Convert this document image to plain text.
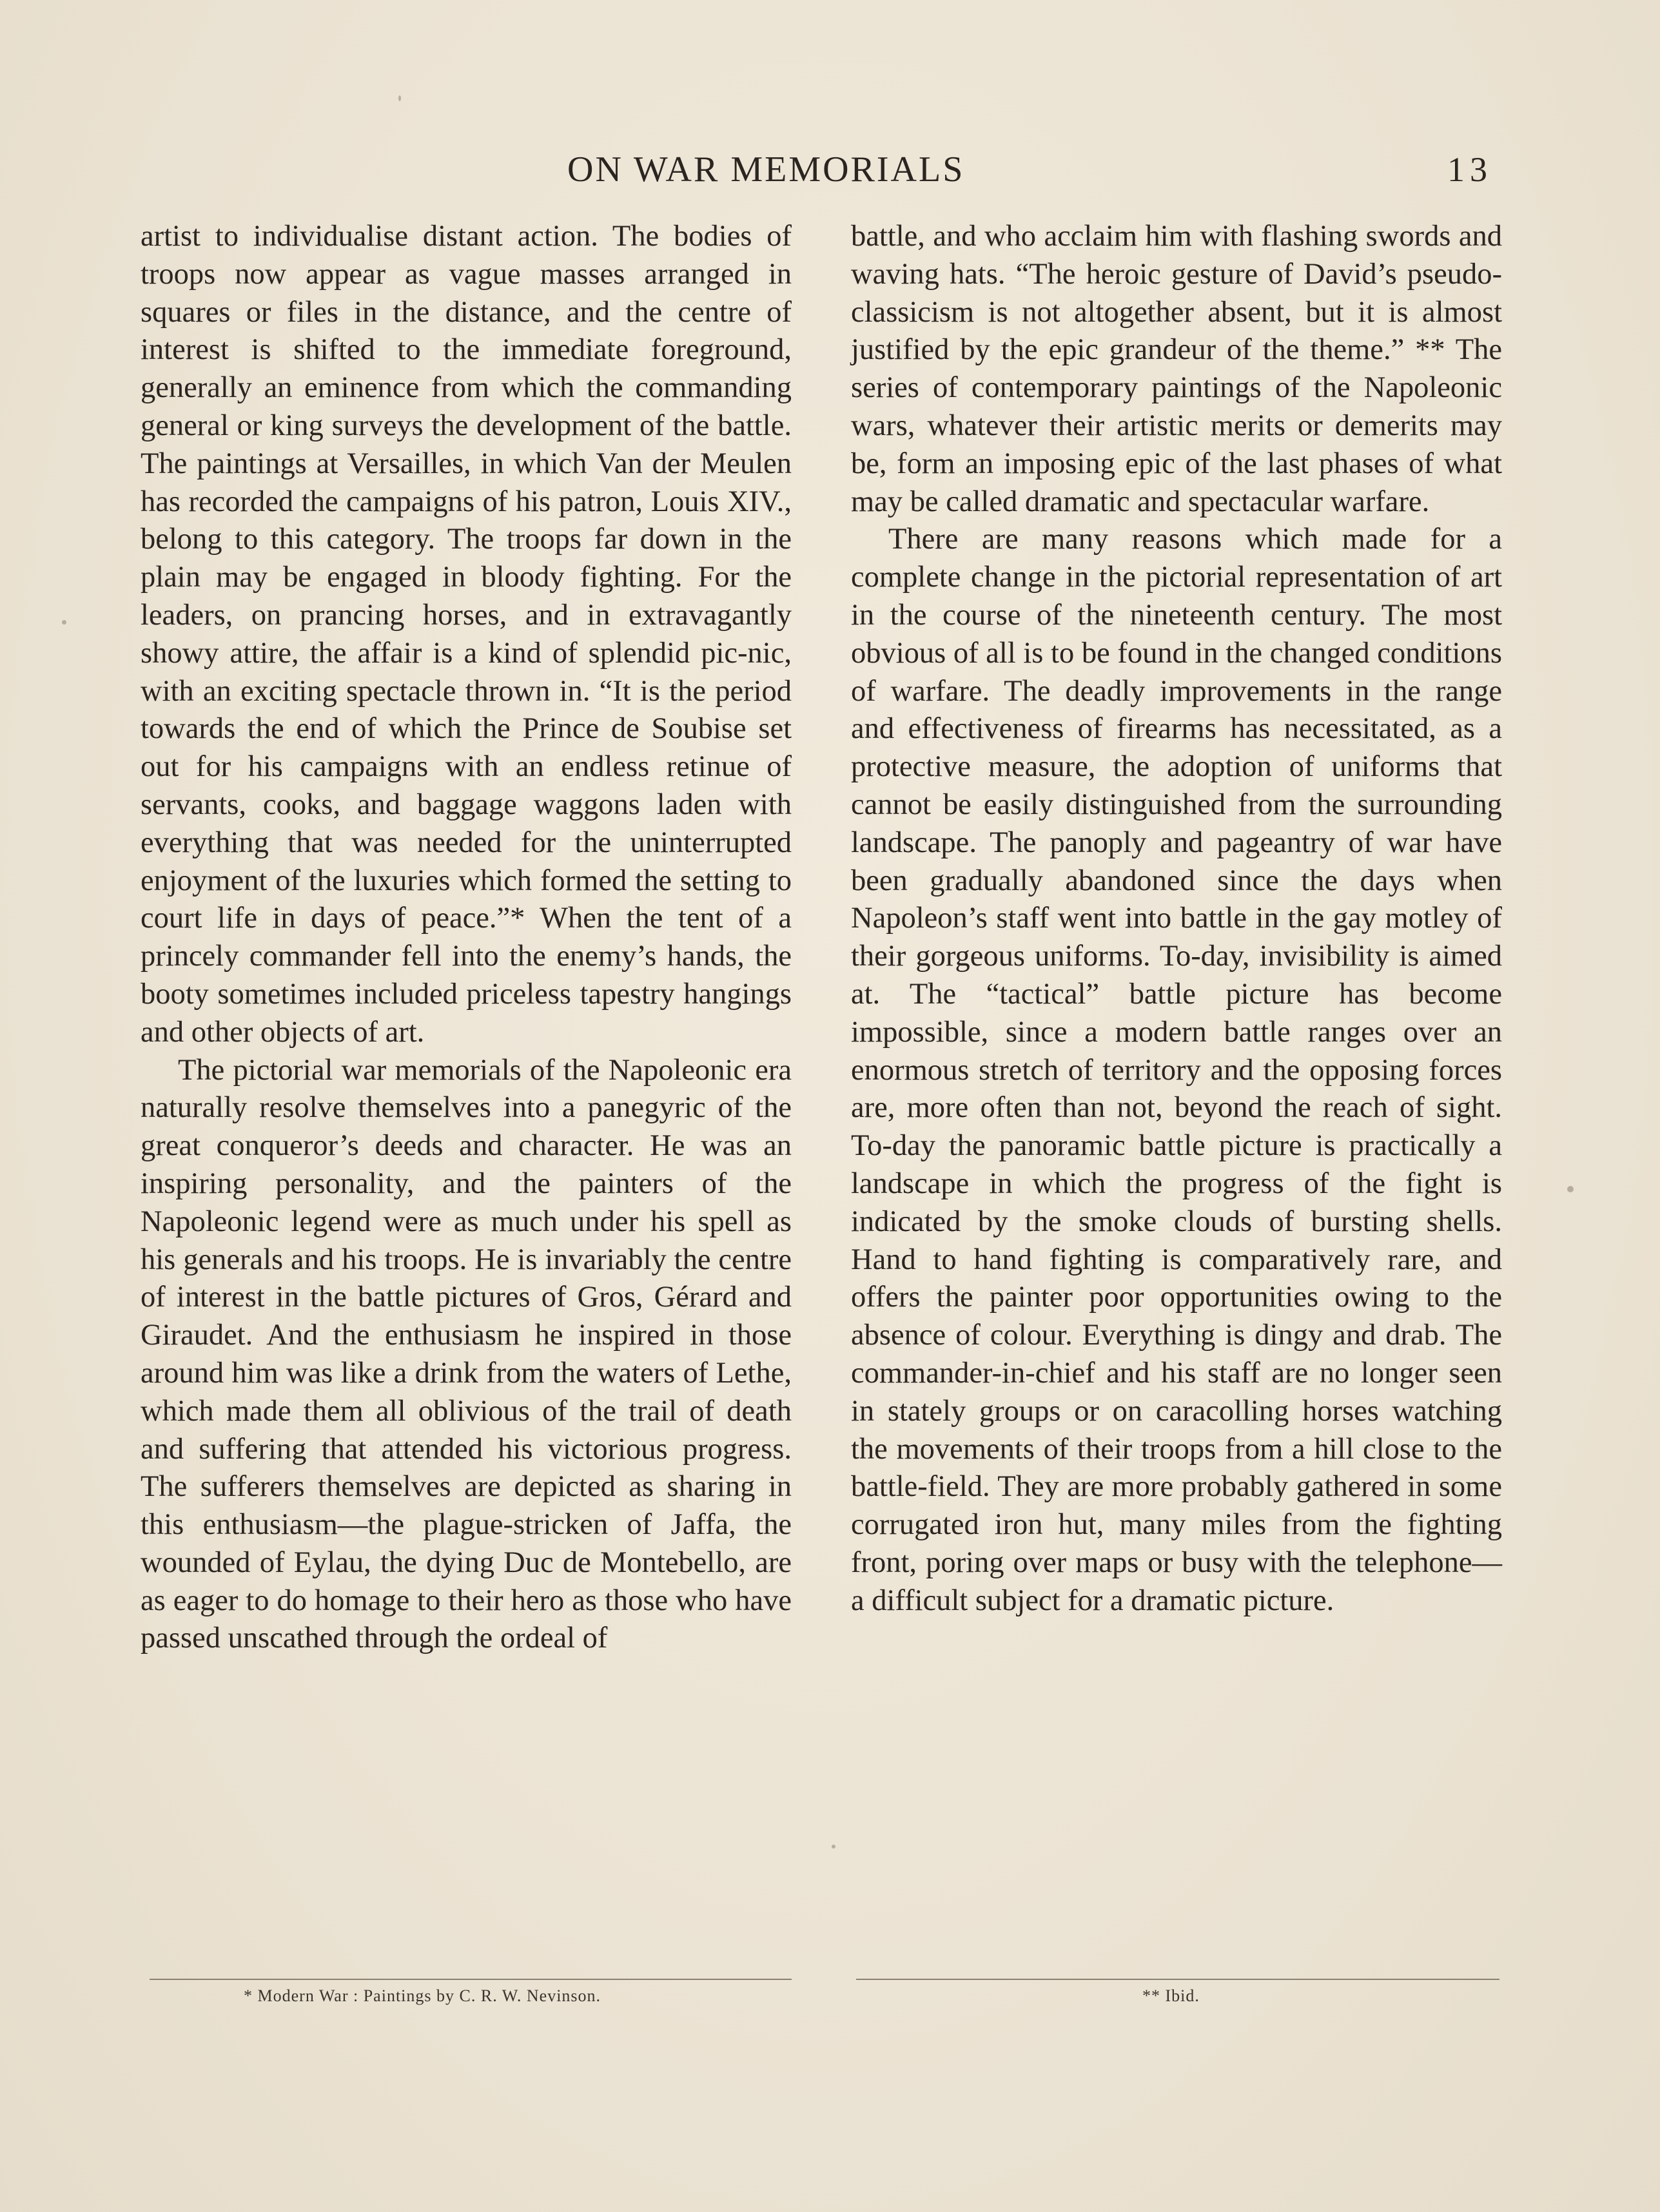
ON WAR MEMORIALS	13

artist to individualise distant action. The bodies of troops now appear as vague masses arranged in squares or files in the distance, and the centre of interest is shifted to the immediate foreground, generally an eminence from which the commanding general or king surveys the development of the battle. The paintings at Versailles, in which Van der Meulen has recorded the campaigns of his patron, Louis XIV., belong to this category. The troops far down in the plain may be engaged in bloody fighting. For the leaders, on prancing horses, and in extravagantly showy attire, the affair is a kind of splendid pic-nic, with an exciting spectacle thrown in. “It is the period towards the end of which the Prince de Soubise set out for his campaigns with an endless retinue of servants, cooks, and baggage waggons laden with everything that was needed for the uninterrupted enjoyment of the luxuries which formed the setting to court life in days of peace.”* When the tent of a princely commander fell into the enemy’s hands, the booty sometimes included priceless tapestry hangings and other objects of art.

The pictorial war memorials of the Napoleonic era naturally resolve themselves into a panegyric of the great conqueror’s deeds and character. He was an inspiring personality, and the painters of the Napoleonic legend were as much under his spell as his generals and his troops. He is invariably the centre of interest in the battle pictures of Gros, Gérard and Giraudet. And the enthusiasm he inspired in those around him was like a drink from the waters of Lethe, which made them all oblivious of the trail of death and suffering that attended his victorious progress. The sufferers themselves are depicted as sharing in this enthusiasm—the plague-stricken of Jaffa, the wounded of Eylau, the dying Duc de Montebello, are as eager to do homage to their hero as those who have passed unscathed through the ordeal of

battle, and who acclaim him with flashing swords and waving hats. “The heroic gesture of David’s pseudo-classicism is not altogether absent, but it is almost justified by the epic grandeur of the theme.” ** The series of contemporary paintings of the Napoleonic wars, whatever their artistic merits or demerits may be, form an imposing epic of the last phases of what may be called dramatic and spectacular warfare.

There are many reasons which made for a complete change in the pictorial representation of art in the course of the nineteenth century. The most obvious of all is to be found in the changed conditions of warfare. The deadly improvements in the range and effectiveness of firearms has necessitated, as a protective measure, the adoption of uniforms that cannot be easily distinguished from the surrounding landscape. The panoply and pageantry of war have been gradually abandoned since the days when Napoleon’s staff went into battle in the gay motley of their gorgeous uniforms. To-day, invisibility is aimed at. The “tactical” battle picture has become impossible, since a modern battle ranges over an enormous stretch of territory and the opposing forces are, more often than not, beyond the reach of sight. To-day the panoramic battle picture is practically a landscape in which the progress of the fight is indicated by the smoke clouds of bursting shells. Hand to hand fighting is comparatively rare, and offers the painter poor opportunities owing to the absence of colour. Everything is dingy and drab. The commander-in-chief and his staff are no longer seen in stately groups or on caracolling horses watching the movements of their troops from a hill close to the battle-field. They are more probably gathered in some corrugated iron hut, many miles from the fighting front, poring over maps or busy with the telephone—a difficult subject for a dramatic picture.

* Modern War : Paintings by C. R. W. Nevinson.	** Ibid.
